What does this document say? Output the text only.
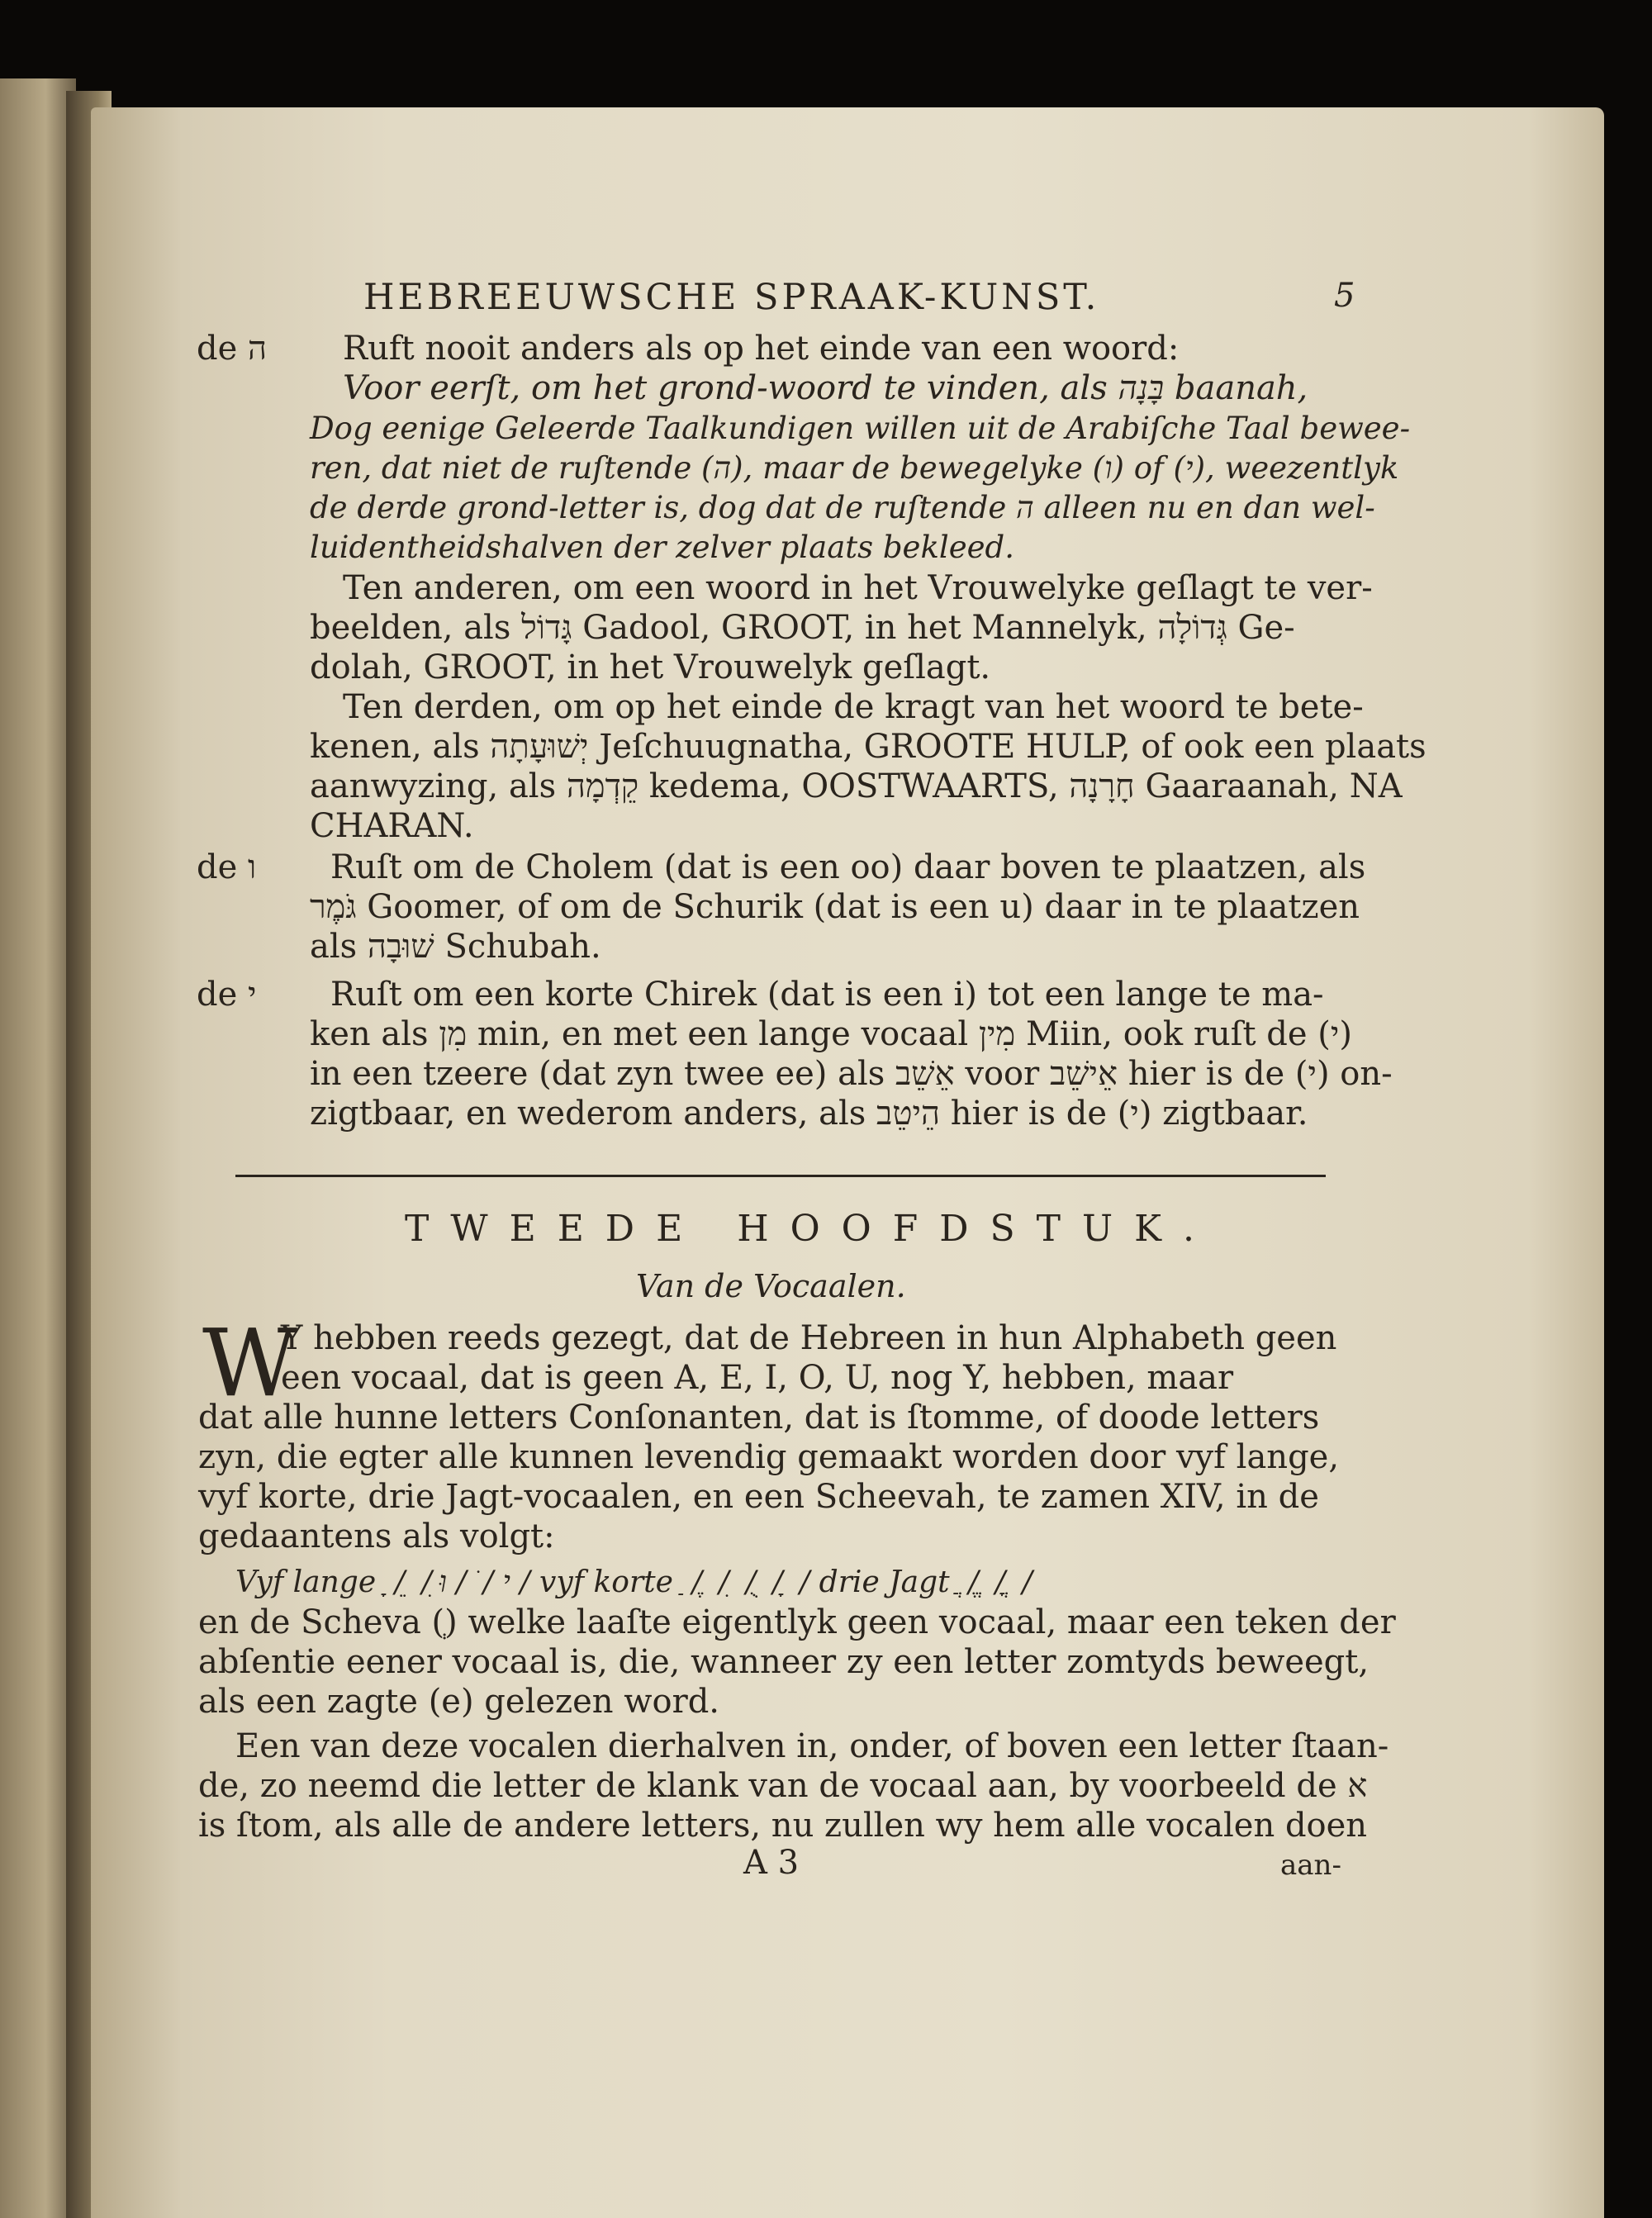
HEBREEUWSCHE SPRAAK-KUNST.	5
de ה Ruft nooit anders als op het einde van een woord:
Voor eerſt, om het grond-woord te vinden, als בָּנָה baanah,
Dog eenige Geleerde Taalkundigen willen uit de Arabiſche Taal bewee-
ren, dat niet de ruſtende (ה), maar de bewegelyke (ו) of (י), weezentlyk
de derde grond-letter is, dog dat de ruſtende ה alleen nu en dan wel-
luidentheidshalven der zelver plaats bekleed.
Ten anderen, om een woord in het Vrouwelyke geſlagt te ver-
beelden, als גָּדוֹל Gadool, GROOT, in het Mannelyk, גְּדוֹלָה Ge-
dolah, GROOT, in het Vrouwelyk geſlagt.
Ten derden, om op het einde de kragt van het woord te bete-
kenen, als יְשׁוּעָתָה Jeſchuugnatha, GROOTE HULP, of ook een plaats
aanwyzing, als קֵדְמָה kedema, OOSTWAARTS, חָרָנָה Gaaraanah, NA
CHARAN.
de ו Ruſt om de Cholem (dat is een oo) daar boven te plaatzen, als
גֹּמֶר Goomer, of om de Schurik (dat is een u) daar in te plaatzen
als שׁוּבָה Schubah.
de י Ruſt om een korte Chirek (dat is een i) tot een lange te ma-
ken als מִן min, en met een lange vocaal מִין Miin, ook ruſt de (י)
in een tzeere (dat zyn twee ee) als אֵשֵׁב voor אֵישֵׁב hier is de (י) on-
zigtbaar, en wederom anders, als הֵיטֵב hier is de (י) zigtbaar.
TWEEDE HOOFDSTUK.
Van de Vocaalen.
W
Y hebben reeds gezegt, dat de Hebreen in hun Alphabeth geen
een vocaal, dat is geen A, E, I, O, U, nog Y, hebben, maar
dat alle hunne letters Conſonanten, dat is ſtomme, of doode letters
zyn, die egter alle kunnen levendig gemaakt worden door vyf lange,
vyf korte, drie Jagt-vocaalen, en een Scheevah, te zamen XIV, in de
gedaantens als volgt:
Vyf lange ָ / ֵ / ִי / ֹ / וּ / vyf korte ַ / ֶ / ִ / ֻ / ָ / drie Jagt ֲ / ֱ / ֳ /
en de Scheva (ְ) welke laaſte eigentlyk geen vocaal, maar een teken der
abſentie eener vocaal is, die, wanneer zy een letter zomtyds beweegt,
als een zagte (e) gelezen word.
Een van deze vocalen dierhalven in, onder, of boven een letter ſtaan-
de, zo neemd die letter de klank van de vocaal aan, by voorbeeld de א
is ſtom, als alle de andere letters, nu zullen wy hem alle vocalen doen
A 3	aan-
